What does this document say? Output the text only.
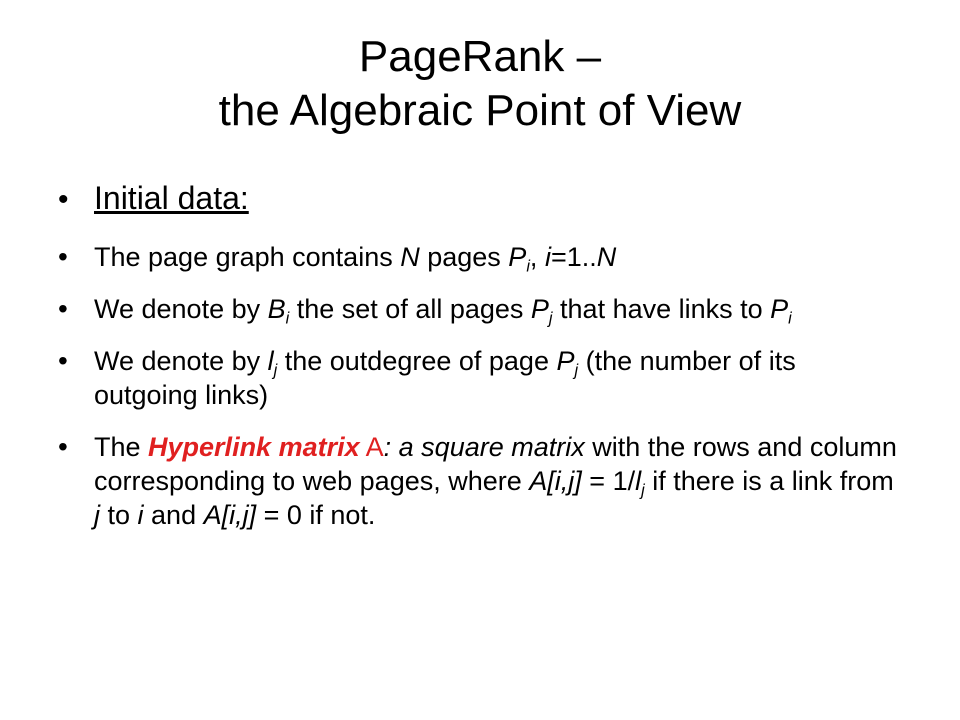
PageRank –
the Algebraic Point of View
• Initial data:
• The page graph contains N pages $P_i$, i=1..N
• We denote by $B_i$ the set of all pages $P_j$ that have links to $P_i$
• We denote by $l_j$ the outdegree of page $P_j$ (the number of its outgoing links)
• The Hyperlink matrix A: a square matrix with the rows and column corresponding to web pages, where $A[i,j] = 1/l_j$ if there is a link from j to i and A[i,j] = 0 if not.
